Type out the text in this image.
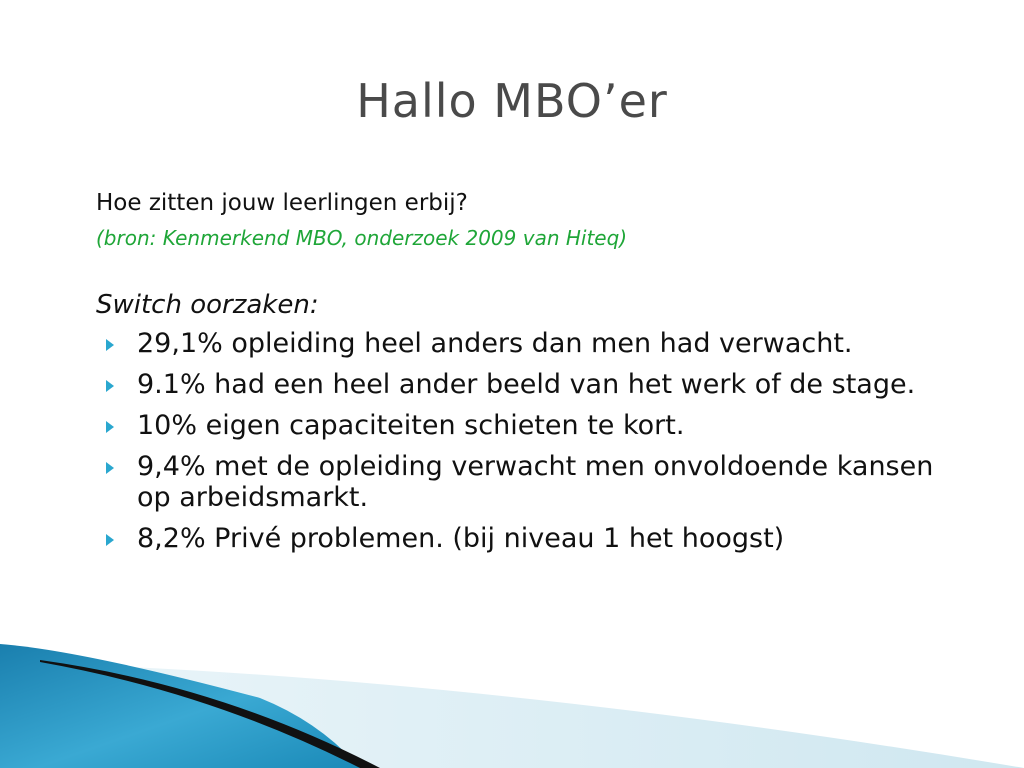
Hallo MBO’er
Hoe zitten jouw leerlingen erbij?
(bron: Kenmerkend MBO, onderzoek 2009 van Hiteq)
Switch oorzaken:
29,1% opleiding heel anders dan men had verwacht.
9.1% had een heel ander beeld van het werk of de stage.
10% eigen capaciteiten schieten te kort.
9,4% met de opleiding verwacht men onvoldoende kansen op arbeidsmarkt.
8,2% Privé problemen. (bij niveau 1 het hoogst)
